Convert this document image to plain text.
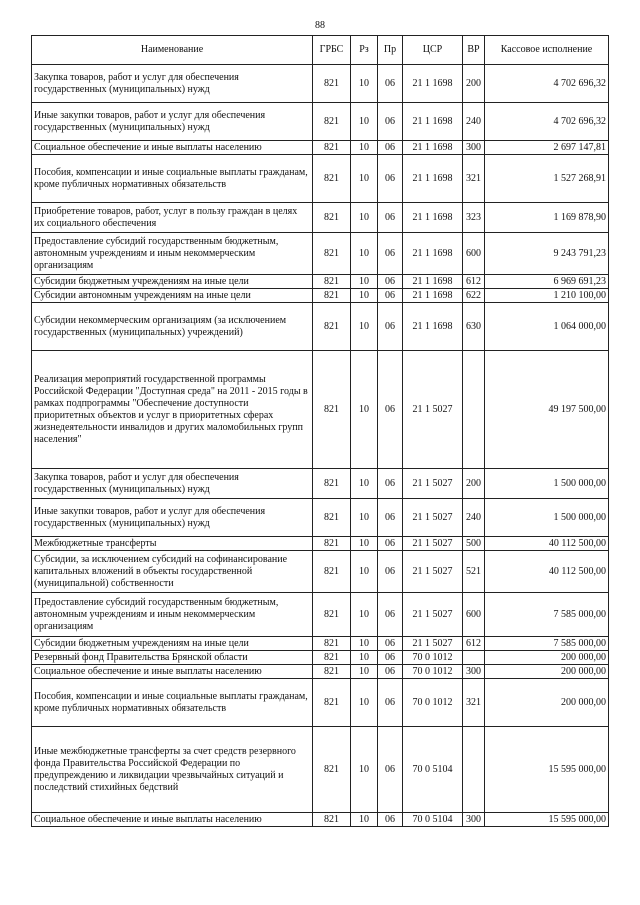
88
Наименование	ГРБС	Рз	Пр	ЦСР	ВР	Кассовое исполнение
Закупка товаров, работ и услуг для обеспечения государственных (муниципальных) нужд	821	10	06	21 1 1698	200	4 702 696,32
Иные закупки товаров, работ и услуг для обеспечения государственных (муниципальных) нужд	821	10	06	21 1 1698	240	4 702 696,32
Социальное обеспечение и иные выплаты населению	821	10	06	21 1 1698	300	2 697 147,81
Пособия, компенсации и иные социальные выплаты гражданам, кроме публичных нормативных обязательств	821	10	06	21 1 1698	321	1 527 268,91
Приобретение товаров, работ, услуг в пользу граждан в целях их социального обеспечения	821	10	06	21 1 1698	323	1 169 878,90
Предоставление субсидий государственным бюджетным, автономным учреждениям и иным некоммерческим организациям	821	10	06	21 1 1698	600	9 243 791,23
Субсидии бюджетным учреждениям на иные цели	821	10	06	21 1 1698	612	6 969 691,23
Субсидии автономным учреждениям на иные цели	821	10	06	21 1 1698	622	1 210 100,00
Субсидии некоммерческим организациям (за исключением государственных (муниципальных) учреждений)	821	10	06	21 1 1698	630	1 064 000,00
Реализация мероприятий государственной программы Российской Федерации "Доступная среда" на 2011 - 2015 годы в рамках подпрограммы "Обеспечение доступности приоритетных объектов и услуг в приоритетных сферах жизнедеятельности инвалидов и других маломобильных групп населения"	821	10	06	21 1 5027		49 197 500,00
Закупка товаров, работ и услуг для обеспечения государственных (муниципальных) нужд	821	10	06	21 1 5027	200	1 500 000,00
Иные закупки товаров, работ и услуг для обеспечения государственных (муниципальных) нужд	821	10	06	21 1 5027	240	1 500 000,00
Межбюджетные трансферты	821	10	06	21 1 5027	500	40 112 500,00
Субсидии, за исключением субсидий на софинансирование капитальных вложений в объекты государственной (муниципальной) собственности	821	10	06	21 1 5027	521	40 112 500,00
Предоставление субсидий государственным бюджетным, автономным учреждениям и иным некоммерческим организациям	821	10	06	21 1 5027	600	7 585 000,00
Субсидии бюджетным учреждениям на иные цели	821	10	06	21 1 5027	612	7 585 000,00
Резервный фонд Правительства Брянской области	821	10	06	70 0 1012		200 000,00
Социальное обеспечение и иные выплаты населению	821	10	06	70 0 1012	300	200 000,00
Пособия, компенсации и иные социальные выплаты гражданам, кроме публичных нормативных обязательств	821	10	06	70 0 1012	321	200 000,00
Иные межбюджетные трансферты за счет средств резервного фонда Правительства Российской Федерации по предупреждению и ликвидации чрезвычайных ситуаций и последствий стихийных бедствий	821	10	06	70 0 5104		15 595 000,00
Социальное обеспечение и иные выплаты населению	821	10	06	70 0 5104	300	15 595 000,00
